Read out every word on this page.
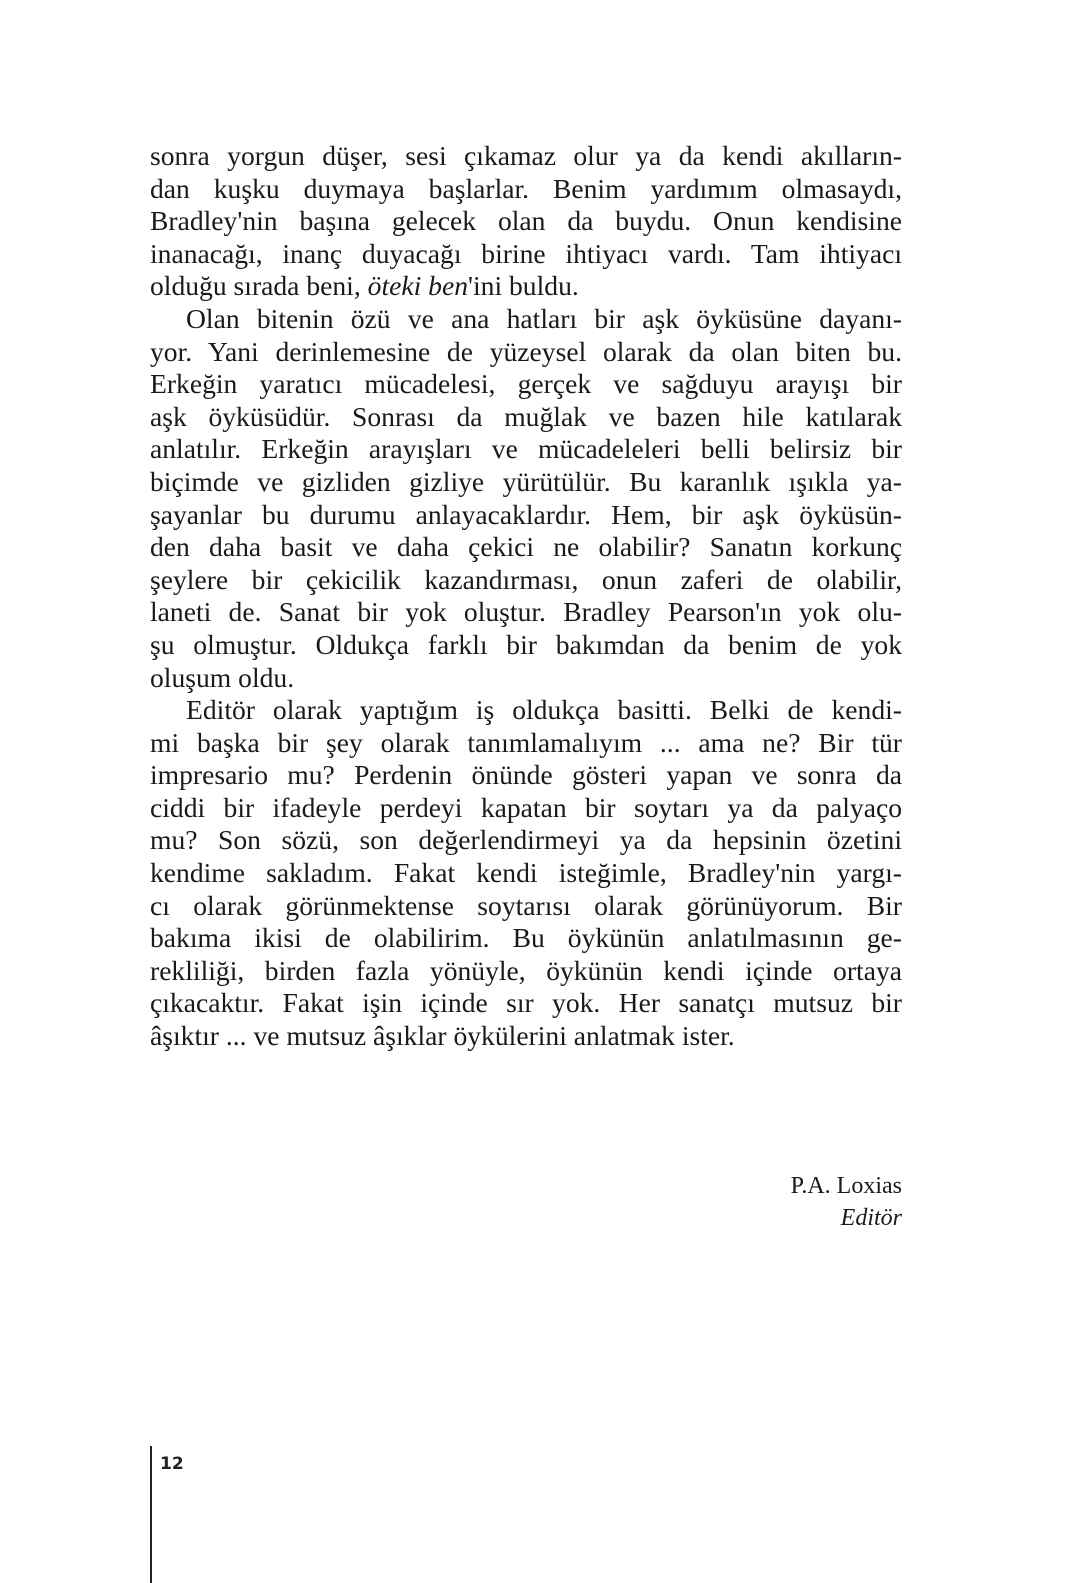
sonra yorgun düşer, sesi çıkamaz olur ya da kendi akılların-
dan kuşku duymaya başlarlar. Benim yardımım olmasaydı,
Bradley'nin başına gelecek olan da buydu. Onun kendisine
inanacağı, inanç duyacağı birine ihtiyacı vardı. Tam ihtiyacı
olduğu sırada beni, öteki ben'ini buldu.
Olan bitenin özü ve ana hatları bir aşk öyküsüne dayanı-
yor. Yani derinlemesine de yüzeysel olarak da olan biten bu.
Erkeğin yaratıcı mücadelesi, gerçek ve sağduyu arayışı bir
aşk öyküsüdür. Sonrası da muğlak ve bazen hile katılarak
anlatılır. Erkeğin arayışları ve mücadeleleri belli belirsiz bir
biçimde ve gizliden gizliye yürütülür. Bu karanlık ışıkla ya-
şayanlar bu durumu anlayacaklardır. Hem, bir aşk öyküsün-
den daha basit ve daha çekici ne olabilir? Sanatın korkunç
şeylere bir çekicilik kazandırması, onun zaferi de olabilir,
laneti de. Sanat bir yok oluştur. Bradley Pearson'ın yok olu-
şu olmuştur. Oldukça farklı bir bakımdan da benim de yok
oluşum oldu.
Editör olarak yaptığım iş oldukça basitti. Belki de kendi-
mi başka bir şey olarak tanımlamalıyım ... ama ne? Bir tür
impresario mu? Perdenin önünde gösteri yapan ve sonra da
ciddi bir ifadeyle perdeyi kapatan bir soytarı ya da palyaço
mu? Son sözü, son değerlendirmeyi ya da hepsinin özetini
kendime sakladım. Fakat kendi isteğimle, Bradley'nin yargı-
cı olarak görünmektense soytarısı olarak görünüyorum. Bir
bakıma ikisi de olabilirim. Bu öykünün anlatılmasının ge-
rekliliği, birden fazla yönüyle, öykünün kendi içinde ortaya
çıkacaktır. Fakat işin içinde sır yok. Her sanatçı mutsuz bir
âşıktır ... ve mutsuz âşıklar öykülerini anlatmak ister.
P.A. Loxias
Editör
12
